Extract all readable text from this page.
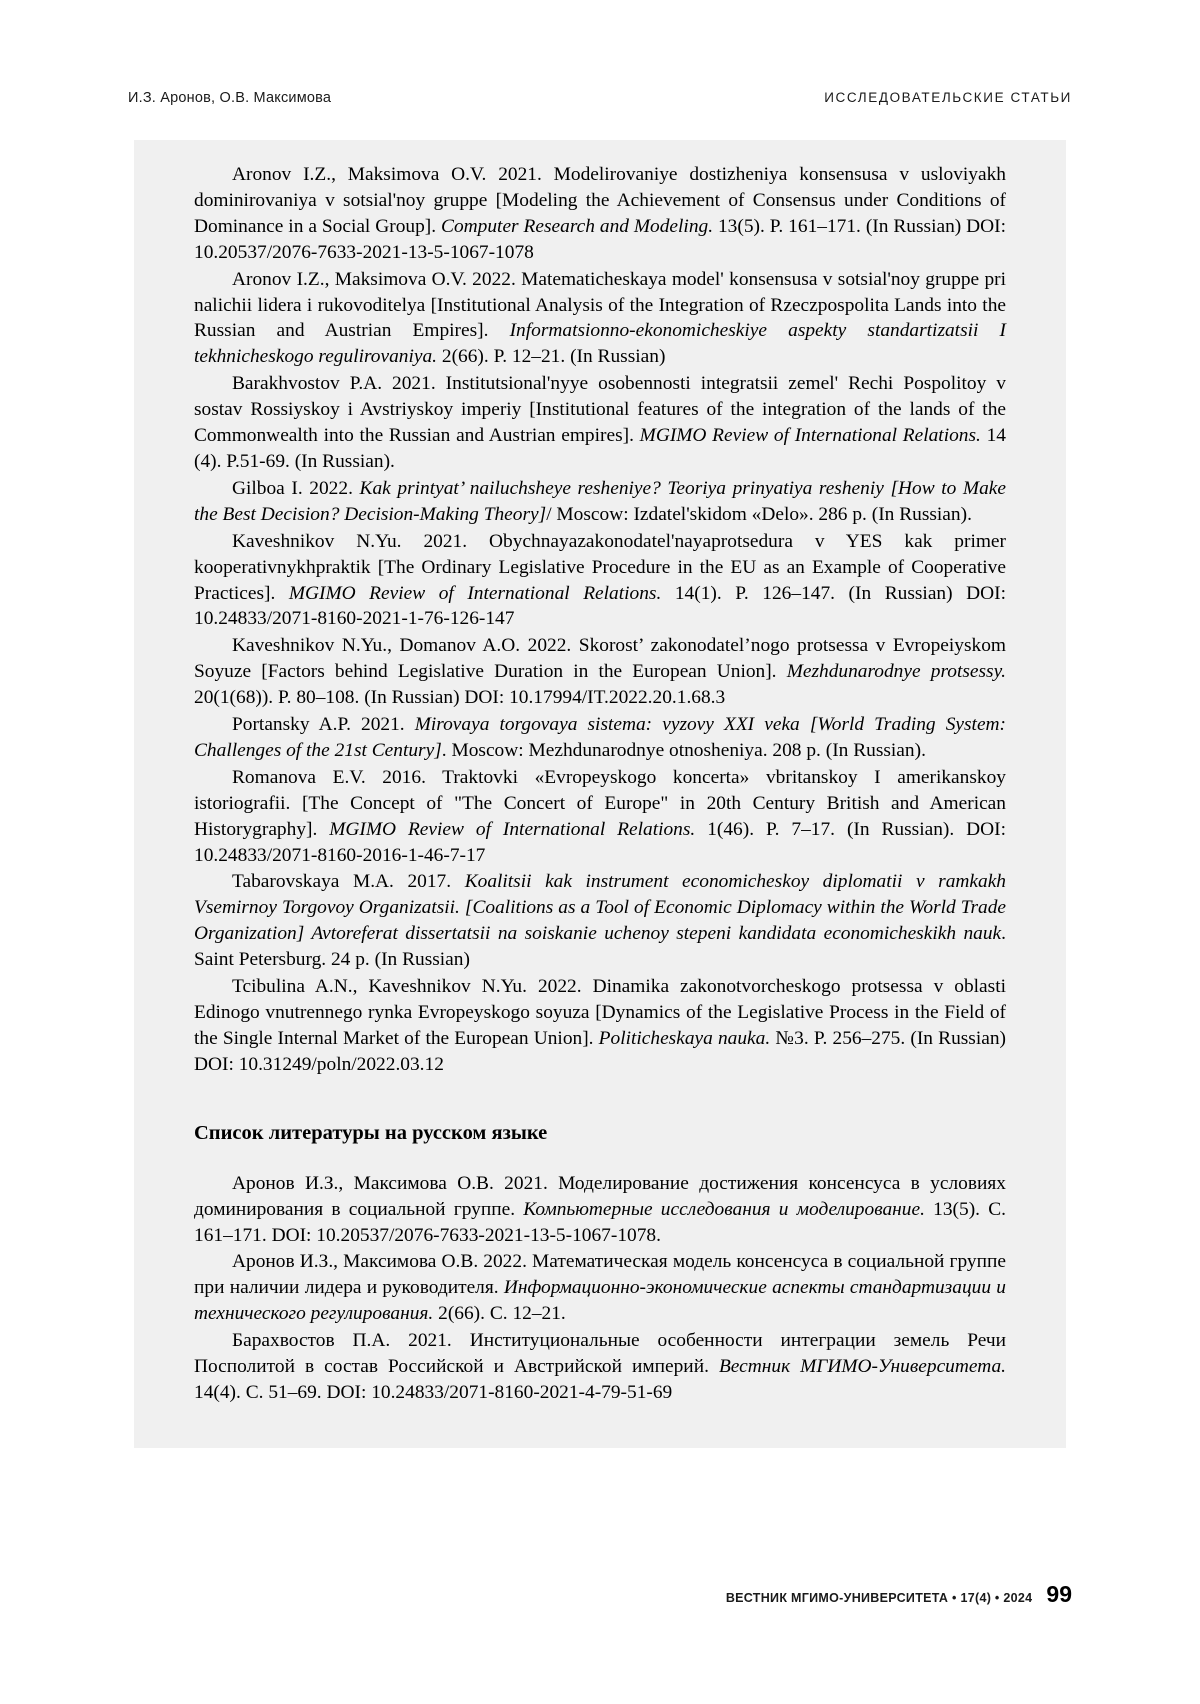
И.З. Аронов, О.В. Максимова	ИССЛЕДОВАТЕЛЬСКИЕ СТАТЬИ

Aronov I.Z., Maksimova O.V. 2021. Modelirovaniye dostizheniya konsensusa v usloviyakh dominirovaniya v sotsial'noy gruppe [Modeling the Achievement of Consensus under Conditions of Dominance in a Social Group]. Computer Research and Modeling. 13(5). P. 161–171. (In Russian) DOI: 10.20537/2076-7633-2021-13-5-1067-1078

Aronov I.Z., Maksimova O.V. 2022. Matematicheskaya model' konsensusa v sotsial'noy gruppe pri nalichii lidera i rukovoditelya [Institutional Analysis of the Integration of Rzeczpospolita Lands into the Russian and Austrian Empires]. Informatsionno-ekonomicheskiye aspekty standartizatsii I tekhnicheskogo regulirovaniya. 2(66). P. 12–21. (In Russian)

Barakhvostov P.A. 2021. Institutsional'nyye osobennosti integratsii zemel' Rechi Pospolitoy v sostav Rossiyskoy i Avstriyskoy imperiy [Institutional features of the integration of the lands of the Commonwealth into the Russian and Austrian empires]. MGIMO Review of International Relations. 14 (4). P.51-69. (In Russian).

Gilboa I. 2022. Kak printyat’ nailuchsheye resheniye? Teoriya prinyatiya resheniy [How to Make the Best Decision? Decision-Making Theory]/ Moscow: Izdatel'skidom «Delo». 286 p. (In Russian).

Kaveshnikov N.Yu. 2021. Obychnayazakonodatel'nayaprotsedura v YES kak primer kooperativnykhpraktik [The Ordinary Legislative Procedure in the EU as an Example of Cooperative Practices]. MGIMO Review of International Relations. 14(1). P. 126–147. (In Russian) DOI: 10.24833/2071-8160-2021-1-76-126-147

Kaveshnikov N.Yu., Domanov A.O. 2022. Skorost’ zakonodatel’nogo protsessa v Evropeiyskom Soyuze [Factors behind Legislative Duration in the European Union]. Mezhdunarodnye protsessy. 20(1(68)). P. 80–108. (In Russian) DOI: 10.17994/IT.2022.20.1.68.3

Portansky A.P. 2021. Mirovaya torgovaya sistema: vyzovy XXI veka [World Trading System: Challenges of the 21st Century]. Moscow: Mezhdunarodnye otnosheniya. 208 p. (In Russian).

Romanova E.V. 2016. Traktovki «Evropeyskogo koncerta» vbritanskoy I amerikanskoy istoriografii. [The Concept of "The Concert of Europe" in 20th Century British and American Historygraphy]. MGIMO Review of International Relations. 1(46). P. 7–17. (In Russian). DOI: 10.24833/2071-8160-2016-1-46-7-17

Tabarovskaya M.A. 2017. Koalitsii kak instrument economicheskoy diplomatii v ramkakh Vsemirnoy Torgovoy Organizatsii. [Coalitions as a Tool of Economic Diplomacy within the World Trade Organization] Avtoreferat dissertatsii na soiskanie uchenoy stepeni kandidata economicheskikh nauk. Saint Petersburg. 24 p. (In Russian)

Tcibulina A.N., Kaveshnikov N.Yu. 2022. Dinamika zakonotvorcheskogo protsessa v oblasti Edinogo vnutrennego rynka Evropeyskogo soyuza [Dynamics of the Legislative Process in the Field of the Single Internal Market of the European Union]. Politicheskaya nauka. №3. P. 256–275. (In Russian) DOI: 10.31249/poln/2022.03.12

Список литературы на русском языке

Аронов И.З., Максимова О.В. 2021. Моделирование достижения консенсуса в условиях доминирования в социальной группе. Компьютерные исследования и моделирование. 13(5). С. 161–171. DOI: 10.20537/2076-7633-2021-13-5-1067-1078.

Аронов И.З., Максимова О.В. 2022. Математическая модель консенсуса в социальной группе при наличии лидера и руководителя. Информационно-экономические аспекты стандартизации и технического регулирования. 2(66). С. 12–21.

Барахвостов П.А. 2021. Институциональные особенности интеграции земель Речи Посполитой в состав Российской и Австрийской империй. Вестник МГИМО-Университета. 14(4). С. 51–69. DOI: 10.24833/2071-8160-2021-4-79-51-69

ВЕСТНИК МГИМО-УНИВЕРСИТЕТА • 17(4) • 2024 99
